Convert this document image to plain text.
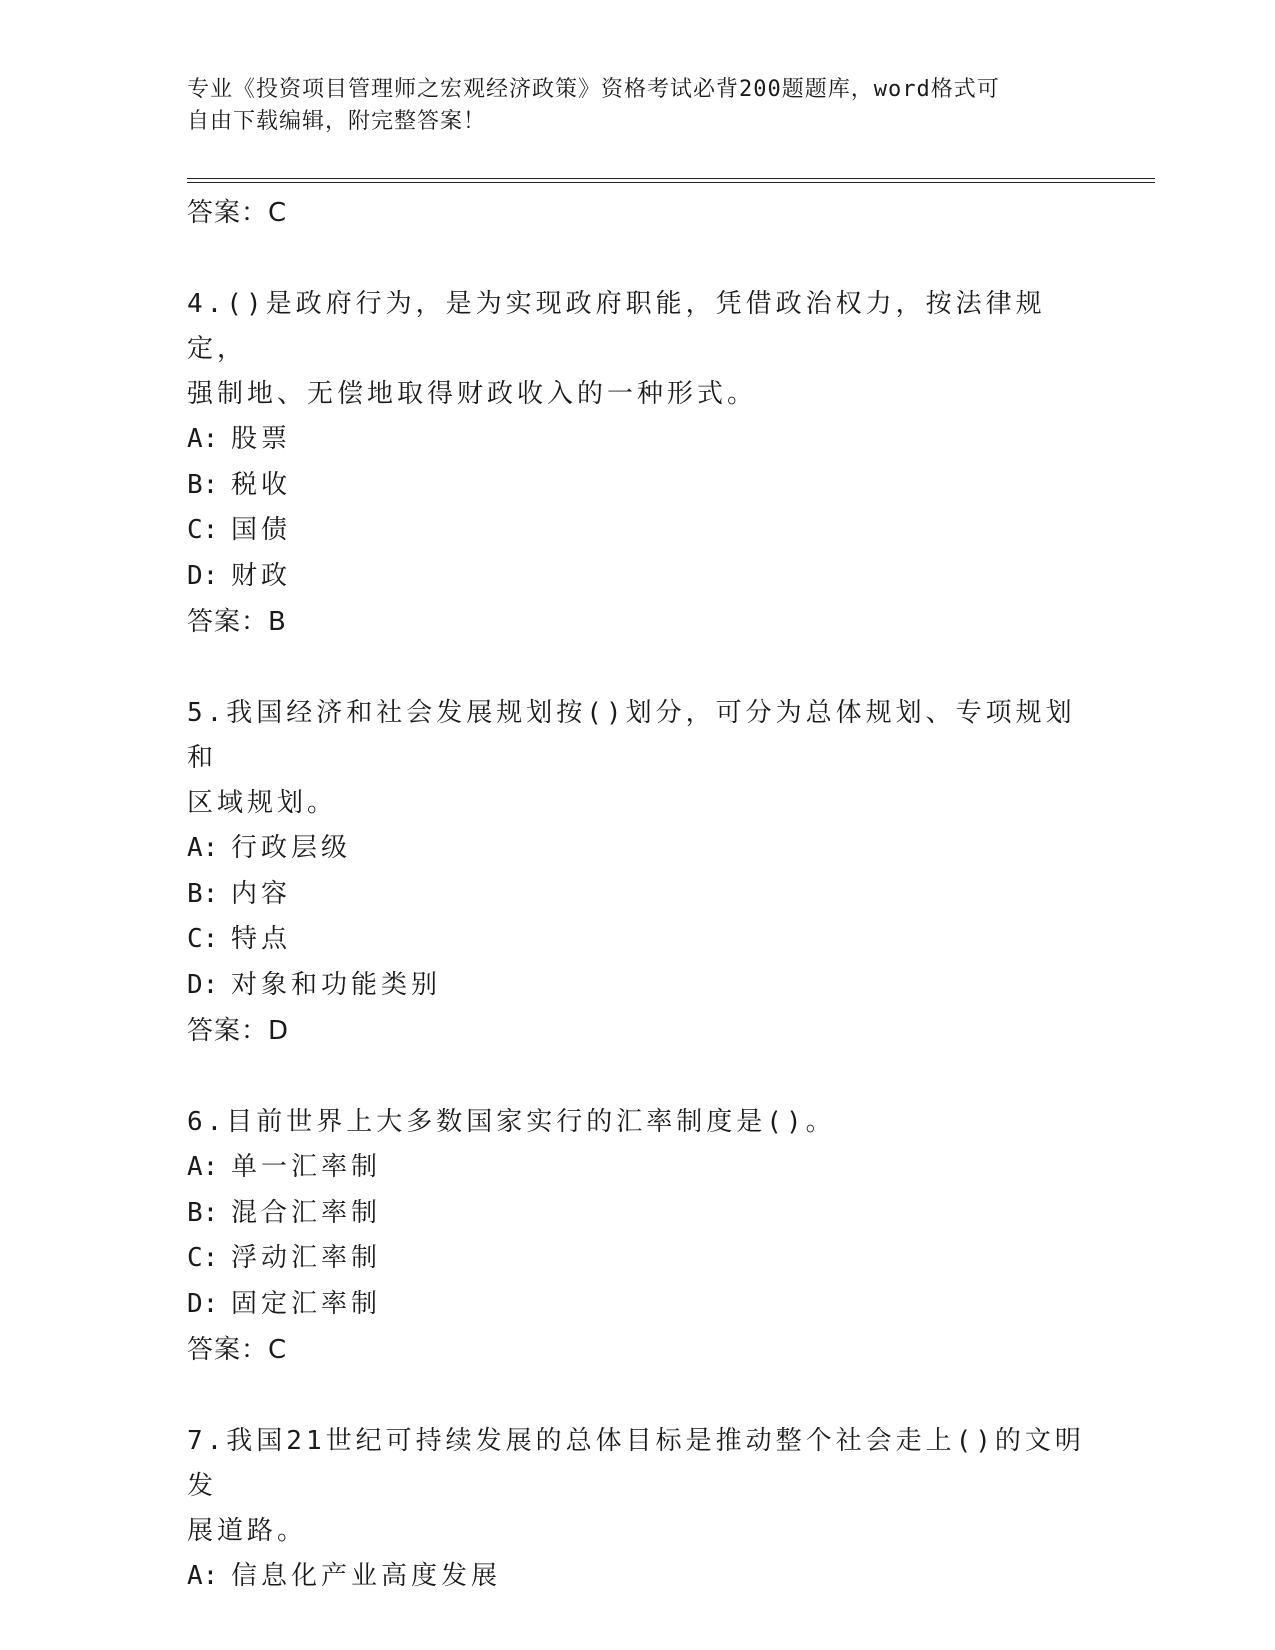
专业《投资项目管理师之宏观经济政策》资格考试必背200题题库，word格式可
自由下载编辑，附完整答案！
答案：C
4.()是政府行为，是为实现政府职能，凭借政治权力，按法律规定，
强制地、无偿地取得财政收入的一种形式。
A: 股票
B: 税收
C: 国债
D: 财政
答案：B
5.我国经济和社会发展规划按()划分，可分为总体规划、专项规划和
区域规划。
A: 行政层级
B: 内容
C: 特点
D: 对象和功能类别
答案：D
6.目前世界上大多数国家实行的汇率制度是()。
A: 单一汇率制
B: 混合汇率制
C: 浮动汇率制
D: 固定汇率制
答案：C
7.我国21世纪可持续发展的总体目标是推动整个社会走上()的文明发
展道路。
A: 信息化产业高度发展
